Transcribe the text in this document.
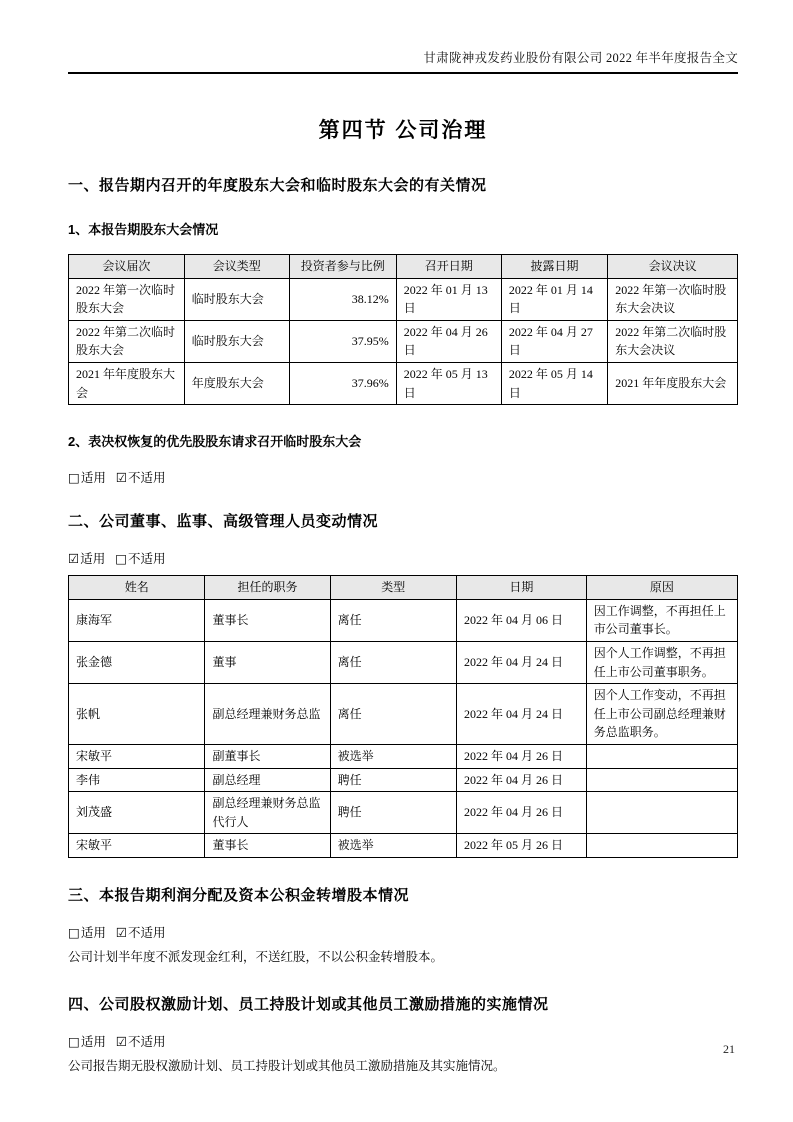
甘肃陇神戎发药业股份有限公司 2022 年半年度报告全文
第四节 公司治理
一、报告期内召开的年度股东大会和临时股东大会的有关情况
1、本报告期股东大会情况
会议届次	会议类型	投资者参与比例	召开日期	披露日期	会议决议
2022 年第一次临时股东大会	临时股东大会	38.12%	2022 年 01 月 13 日	2022 年 01 月 14 日	2022 年第一次临时股东大会决议
2022 年第二次临时股东大会	临时股东大会	37.95%	2022 年 04 月 26 日	2022 年 04 月 27 日	2022 年第二次临时股东大会决议
2021 年年度股东大会	年度股东大会	37.96%	2022 年 05 月 13 日	2022 年 05 月 14 日	2021 年年度股东大会
2、表决权恢复的优先股股东请求召开临时股东大会
□适用 ☑不适用
二、公司董事、监事、高级管理人员变动情况
☑适用 □不适用
姓名	担任的职务	类型	日期	原因
康海军	董事长	离任	2022 年 04 月 06 日	因工作调整，不再担任上市公司董事长。
张金德	董事	离任	2022 年 04 月 24 日	因个人工作调整，不再担任上市公司董事职务。
张帆	副总经理兼财务总监	离任	2022 年 04 月 24 日	因个人工作变动，不再担任上市公司副总经理兼财务总监职务。
宋敏平	副董事长	被选举	2022 年 04 月 26 日	
李伟	副总经理	聘任	2022 年 04 月 26 日	
刘茂盛	副总经理兼财务总监代行人	聘任	2022 年 04 月 26 日	
宋敏平	董事长	被选举	2022 年 05 月 26 日	
三、本报告期利润分配及资本公积金转增股本情况
□适用 ☑不适用
公司计划半年度不派发现金红利，不送红股，不以公积金转增股本。
四、公司股权激励计划、员工持股计划或其他员工激励措施的实施情况
□适用 ☑不适用
公司报告期无股权激励计划、员工持股计划或其他员工激励措施及其实施情况。
21
